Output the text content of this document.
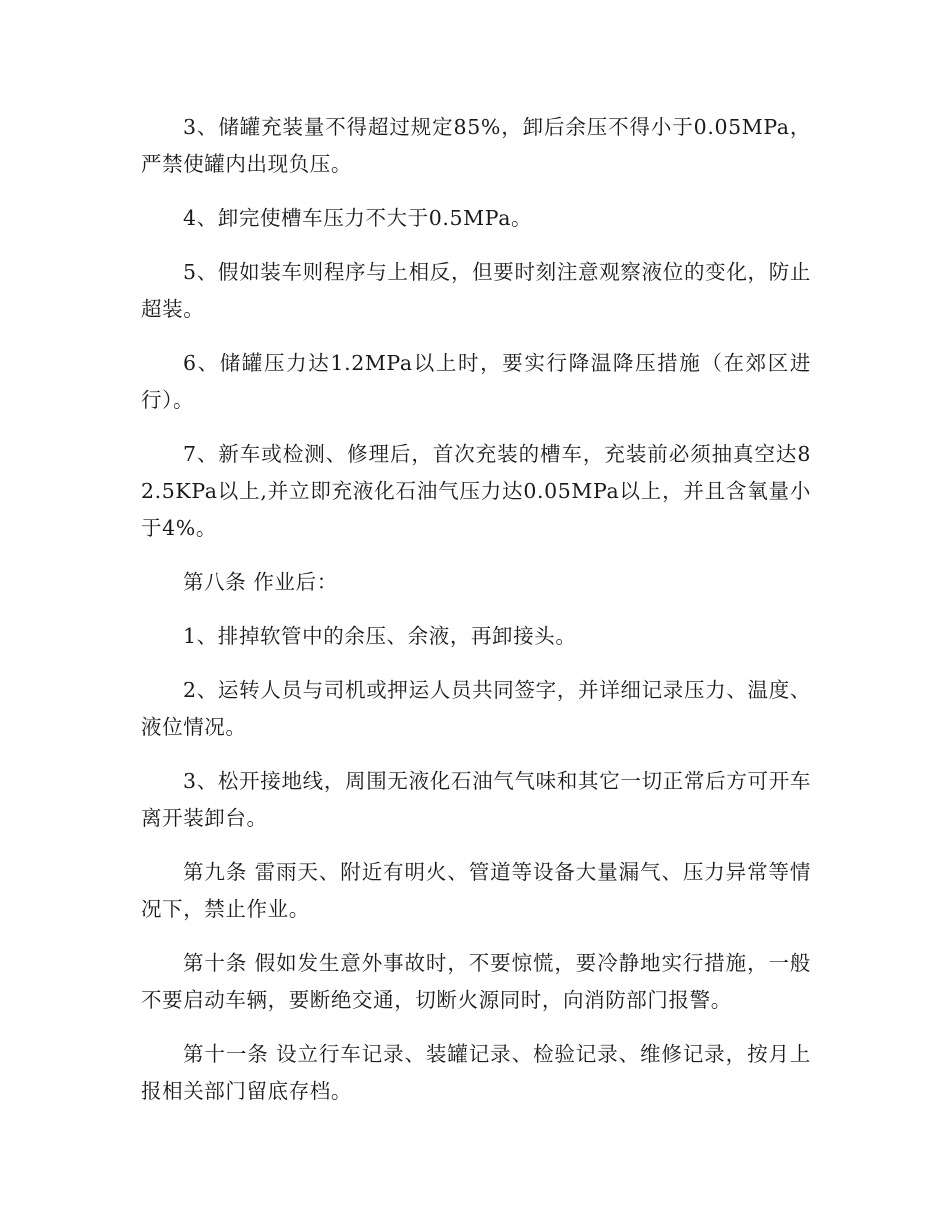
3、储罐充装量不得超过规定85%，卸后余压不得小于0.05MPa，严禁使罐内出现负压。

4、卸完使槽车压力不大于0.5MPa。

5、假如装车则程序与上相反，但要时刻注意观察液位的变化，防止超装。

6、储罐压力达1.2MPa以上时，要实行降温降压措施（在郊区进行）。

7、新车或检测、修理后，首次充装的槽车，充装前必须抽真空达82.5KPa以上,并立即充液化石油气压力达0.05MPa以上，并且含氧量小于4%。

第八条 作业后：

1、排掉软管中的余压、余液，再卸接头。

2、运转人员与司机或押运人员共同签字，并详细记录压力、温度、液位情况。

3、松开接地线，周围无液化石油气气味和其它一切正常后方可开车离开装卸台。

第九条 雷雨天、附近有明火、管道等设备大量漏气、压力异常等情况下，禁止作业。

第十条 假如发生意外事故时，不要惊慌，要冷静地实行措施，一般不要启动车辆，要断绝交通，切断火源同时，向消防部门报警。

第十一条 设立行车记录、装罐记录、检验记录、维修记录，按月上报相关部门留底存档。
